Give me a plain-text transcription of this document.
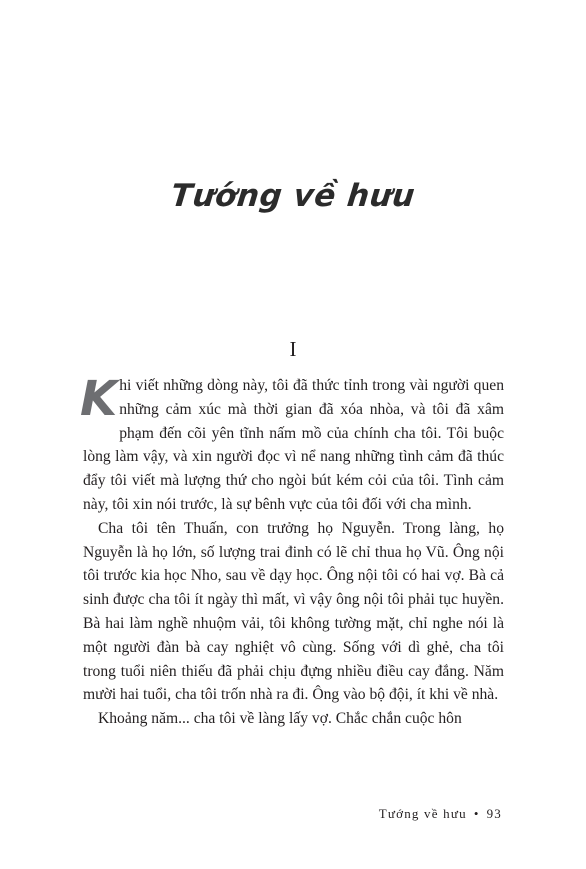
Tướng về hưu
I

Khi viết những dòng này, tôi đã thức tỉnh trong vài người quen những cảm xúc mà thời gian đã xóa nhòa, và tôi đã xâm phạm đến cõi yên tĩnh nấm mồ của chính cha tôi. Tôi buộc lòng làm vậy, và xin người đọc vì nể nang những tình cảm đã thúc đẩy tôi viết mà lượng thứ cho ngòi bút kém cỏi của tôi. Tình cảm này, tôi xin nói trước, là sự bênh vực của tôi đối với cha mình.

Cha tôi tên Thuấn, con trưởng họ Nguyễn. Trong làng, họ Nguyễn là họ lớn, số lượng trai đinh có lẽ chỉ thua họ Vũ. Ông nội tôi trước kia học Nho, sau về dạy học. Ông nội tôi có hai vợ. Bà cả sinh được cha tôi ít ngày thì mất, vì vậy ông nội tôi phải tục huyền. Bà hai làm nghề nhuộm vải, tôi không tường mặt, chỉ nghe nói là một người đàn bà cay nghiệt vô cùng. Sống với dì ghẻ, cha tôi trong tuổi niên thiếu đã phải chịu đựng nhiều điều cay đắng. Năm mười hai tuổi, cha tôi trốn nhà ra đi. Ông vào bộ đội, ít khi về nhà.

Khoảng năm... cha tôi về làng lấy vợ. Chắc chắn cuộc hôn

Tướng về hưu • 93
